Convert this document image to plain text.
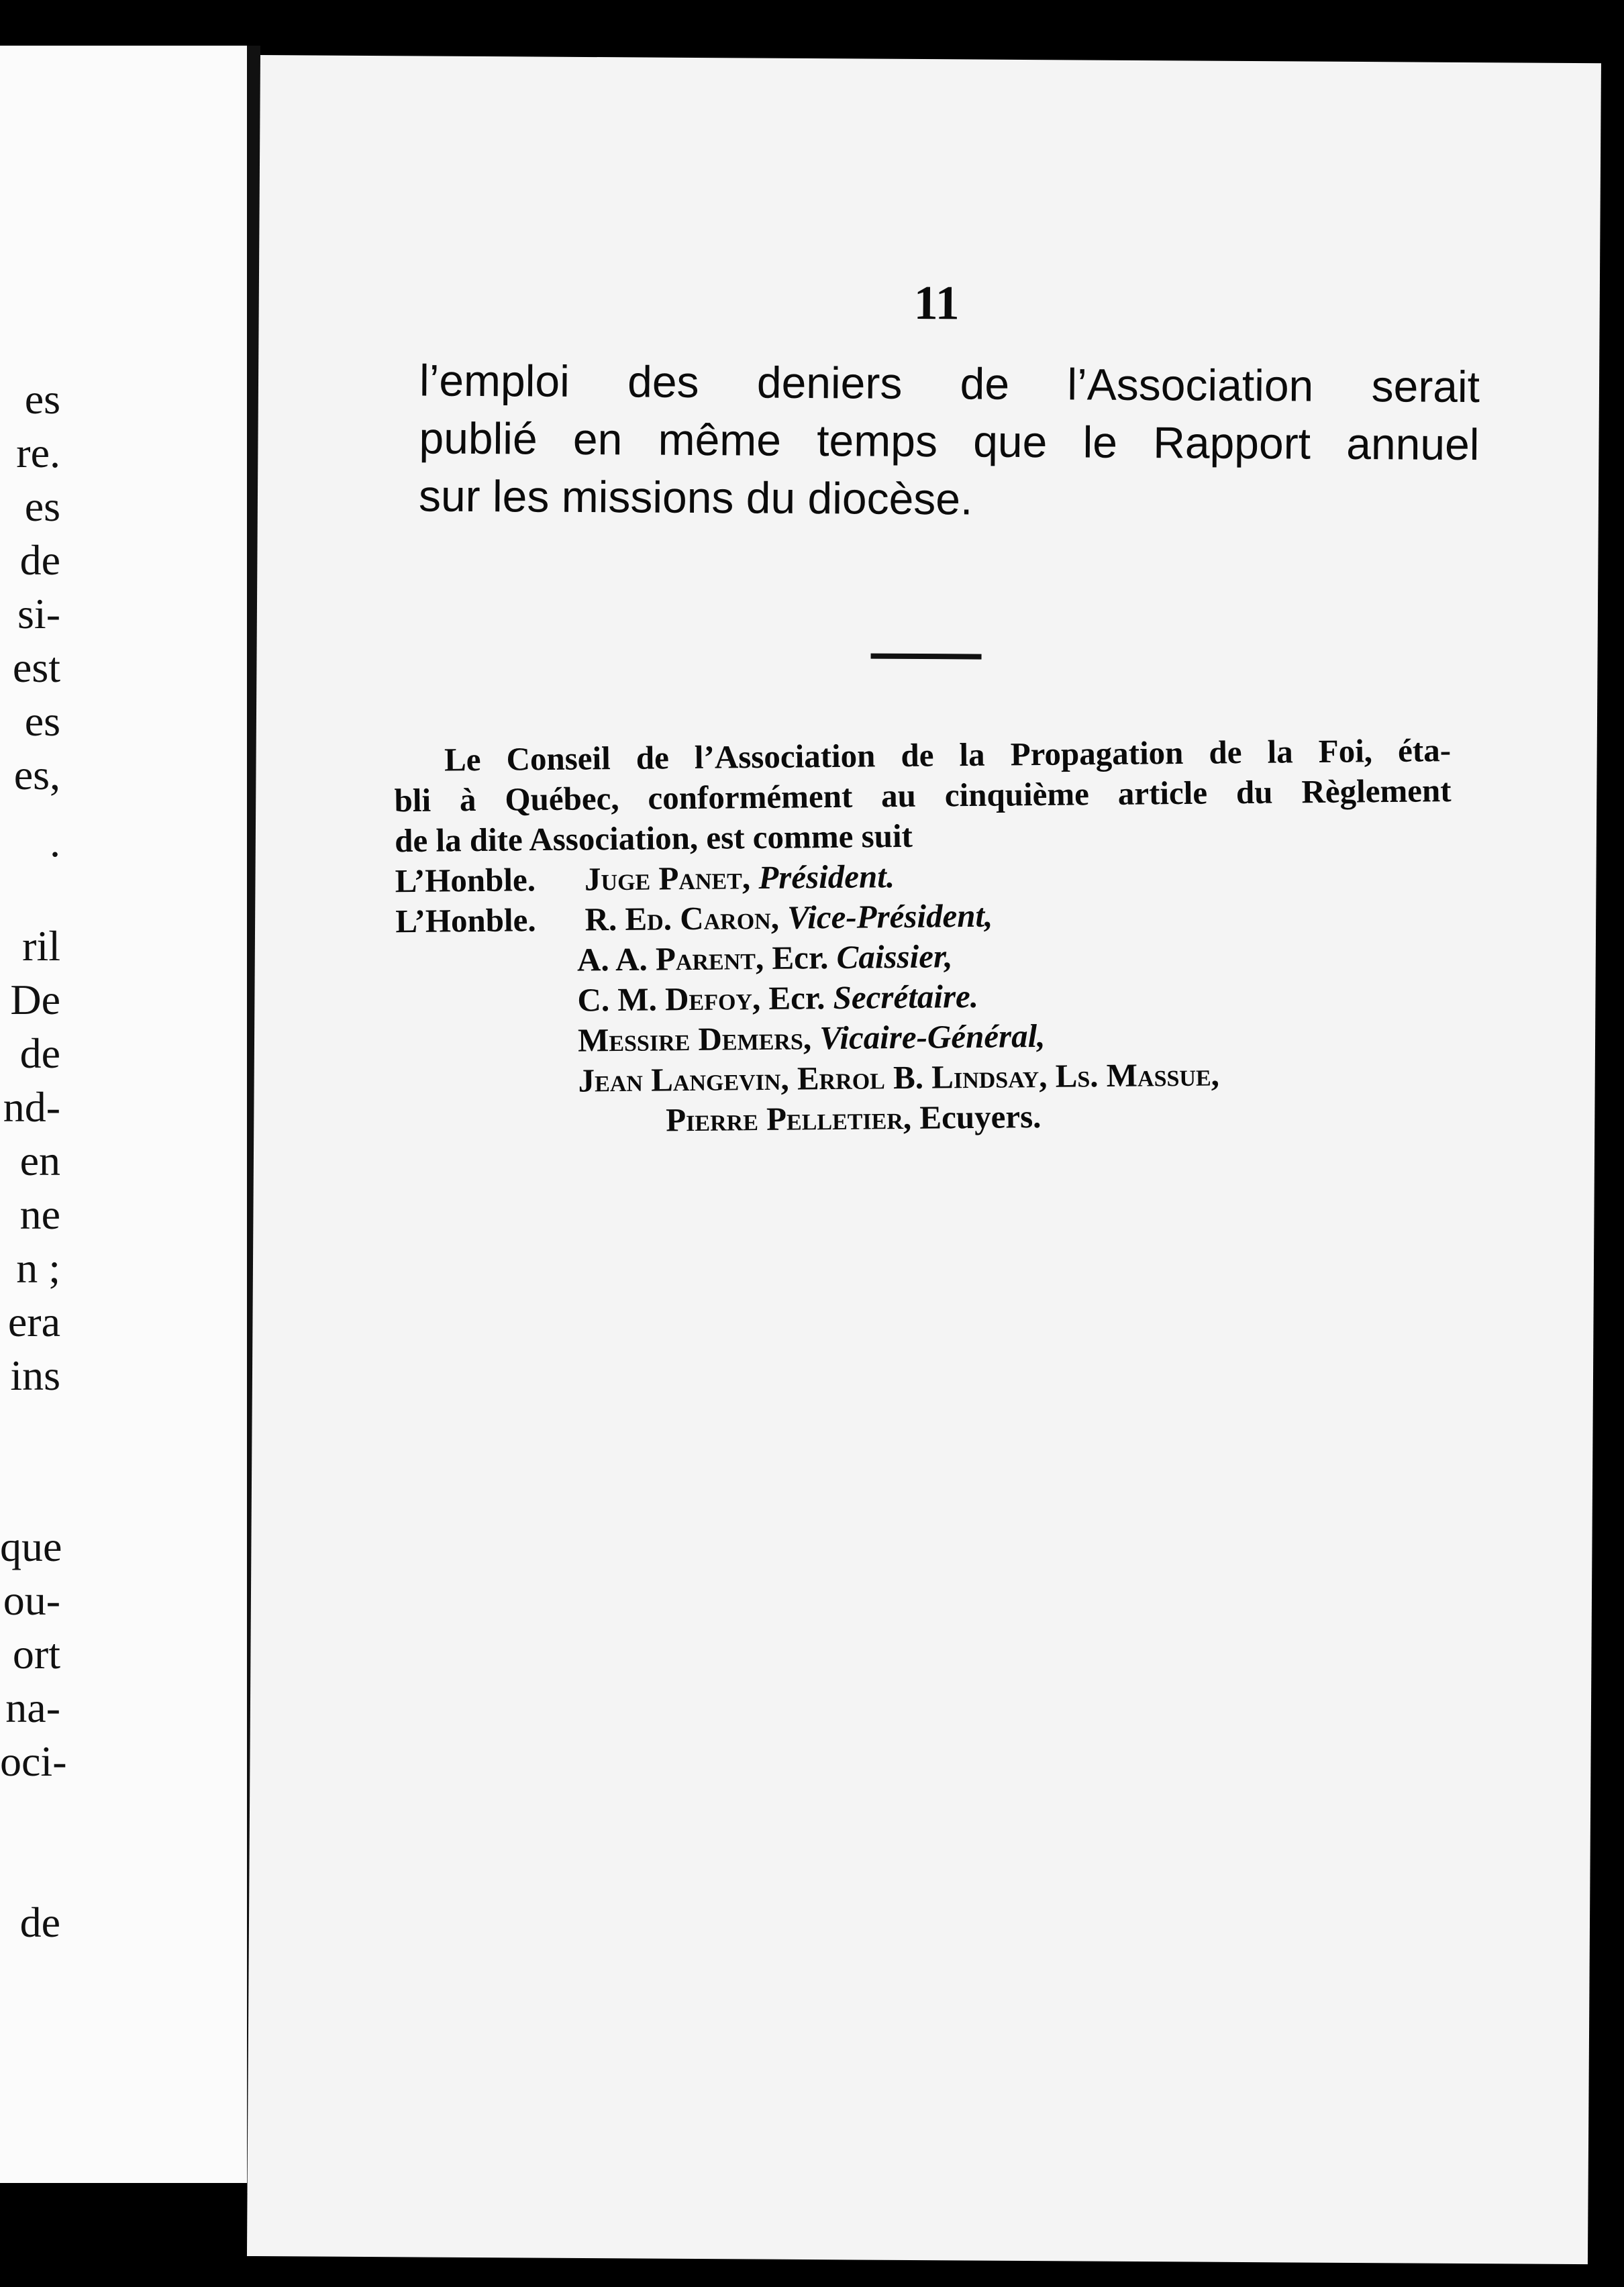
es
re.
es
de
si-
est
es
es,
.
ril
De
de
nd-
en
ne
n ;
era
ins
que
ou-
ort
na-
oci-
de
11
l’emploi des deniers de l’Association serait
publié en même temps que le Rapport annuel
sur les missions du diocèse.
Le Conseil de l’Association de la Propagation de la Foi, éta-
bli à Québec, conformément au cinquième article du Règlement
de la dite Association, est comme suit
L’Honble. Juge Panet, Président.
L’Honble. R. Ed. Caron, Vice-Président,
A. A. Parent, Ecr. Caissier,
C. M. Defoy, Ecr. Secrétaire.
Messire Demers, Vicaire-Général,
Jean Langevin, Errol B. Lindsay, Ls. Massue,
Pierre Pelletier, Ecuyers.
